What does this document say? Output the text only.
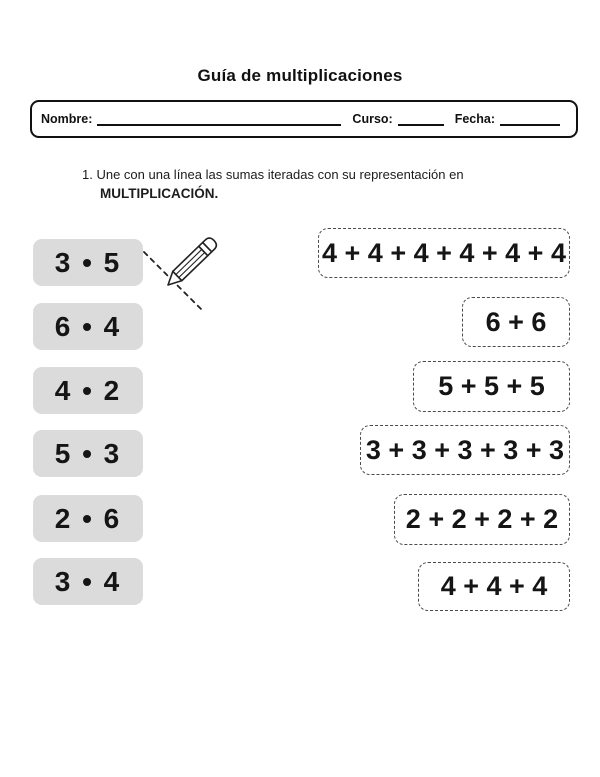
Guía de multiplicaciones
Nombre:	Curso:	Fecha:
1. Une con una línea las sumas iteradas con su representación en
MULTIPLICACIÓN.
3 • 5
6 • 4
4 • 2
5 • 3
2 • 6
3 • 4
4 + 4 + 4 + 4 + 4 + 4
6 + 6
5 + 5 + 5
3 + 3 + 3 + 3 + 3
2 + 2 + 2 + 2
4 + 4 + 4
